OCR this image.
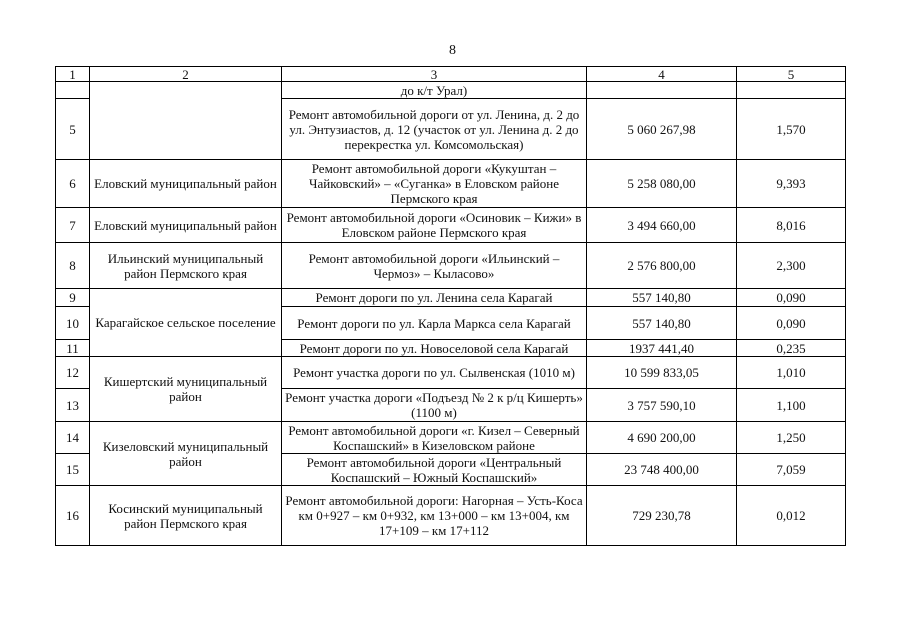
8
1	2	3	4	5
		до к/т Урал)		
5		Ремонт автомобильной дороги от ул. Ленина, д. 2 до ул. Энтузиастов, д. 12 (участок от ул. Ленина д. 2 до перекрестка ул. Комсомольская)	5 060 267,98	1,570
6	Еловский муниципальный район	Ремонт автомобильной дороги «Кукуштан – Чайковский» – «Суганка» в Еловском районе Пермского края	5 258 080,00	9,393
7	Еловский муниципальный район	Ремонт автомобильной дороги «Осиновик – Кижи» в Еловском районе Пермского края	3 494 660,00	8,016
8	Ильинский муниципальный район Пермского края	Ремонт автомобильной дороги «Ильинский – Чермоз» – Кыласово»	2 576 800,00	2,300
9	Карагайское сельское поселение	Ремонт дороги по ул. Ленина села Карагай	557 140,80	0,090
10		Ремонт дороги по ул. Карла Маркса села Карагай	557 140,80	0,090
11		Ремонт дороги по ул. Новоселовой села Карагай	1937 441,40	0,235
12	Кишертский муниципальный район	Ремонт участка дороги по ул. Сылвенская (1010 м)	10 599 833,05	1,010
13		Ремонт участка дороги «Подъезд № 2 к р/ц Кишерть» (1100 м)	3 757 590,10	1,100
14	Кизеловский муниципальный район	Ремонт автомобильной дороги «г. Кизел – Северный Коспашский» в Кизеловском районе	4 690 200,00	1,250
15		Ремонт автомобильной дороги «Центральный Коспашский – Южный Коспашский»	23 748 400,00	7,059
16	Косинский муниципальный район Пермского края	Ремонт автомобильной дороги: Нагорная – Усть-Коса км 0+927 – км 0+932, км 13+000 – км 13+004, км 17+109 – км 17+112	729 230,78	0,012
